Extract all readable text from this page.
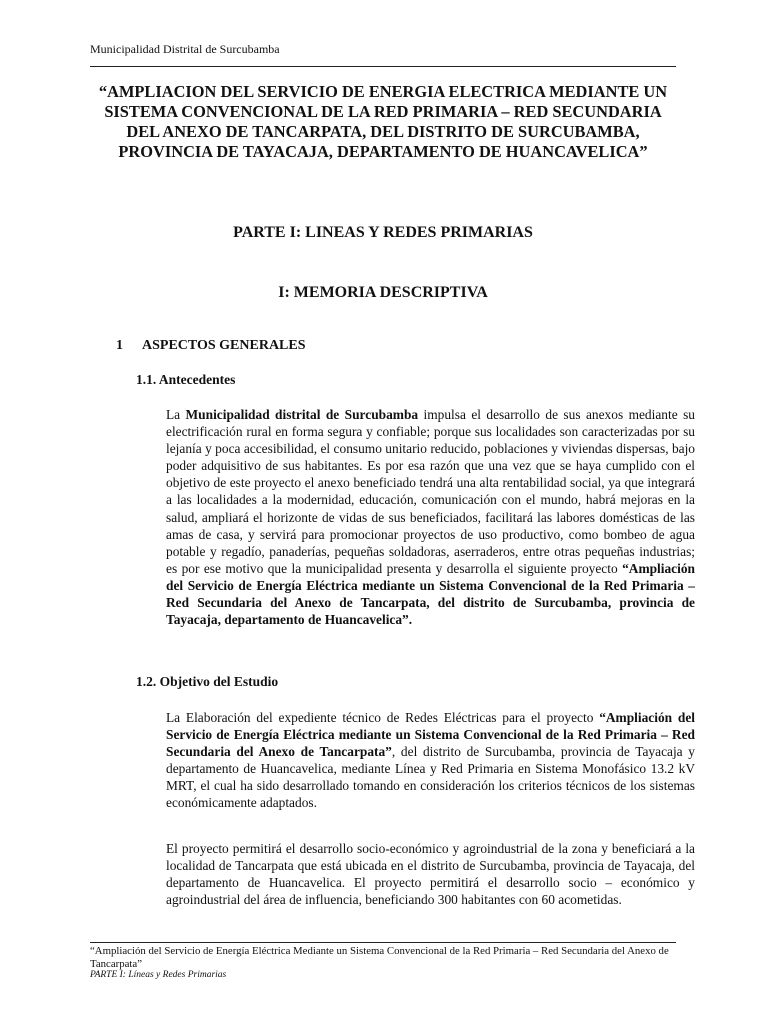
Municipalidad Distrital de Surcubamba
“AMPLIACION DEL SERVICIO DE ENERGIA ELECTRICA MEDIANTE UN SISTEMA CONVENCIONAL DE LA RED PRIMARIA – RED SECUNDARIA DEL ANEXO DE TANCARPATA, DEL DISTRITO DE SURCUBAMBA, PROVINCIA DE TAYACAJA, DEPARTAMENTO DE HUANCAVELICA”
PARTE I: LINEAS Y REDES PRIMARIAS
I: MEMORIA DESCRIPTIVA
1 ASPECTOS GENERALES
1.1. Antecedentes

La Municipalidad distrital de Surcubamba impulsa el desarrollo de sus anexos mediante su electrificación rural en forma segura y confiable; porque sus localidades son caracterizadas por su lejanía y poca accesibilidad, el consumo unitario reducido, poblaciones y viviendas dispersas, bajo poder adquisitivo de sus habitantes. Es por esa razón que una vez que se haya cumplido con el objetivo de este proyecto el anexo beneficiado tendrá una alta rentabilidad social, ya que integrará a las localidades a la modernidad, educación, comunicación con el mundo, habrá mejoras en la salud, ampliará el horizonte de vidas de sus beneficiados, facilitará las labores domésticas de las amas de casa, y servirá para promocionar proyectos de uso productivo, como bombeo de agua potable y regadío, panaderías, pequeñas soldadoras, aserraderos, entre otras pequeñas industrias; es por ese motivo que la municipalidad presenta y desarrolla el siguiente proyecto “Ampliación del Servicio de Energía Eléctrica mediante un Sistema Convencional de la Red Primaria – Red Secundaria del Anexo de Tancarpata, del distrito de Surcubamba, provincia de Tayacaja, departamento de Huancavelica”.

1.2. Objetivo del Estudio

La Elaboración del expediente técnico de Redes Eléctricas para el proyecto “Ampliación del Servicio de Energía Eléctrica mediante un Sistema Convencional de la Red Primaria – Red Secundaria del Anexo de Tancarpata”, del distrito de Surcubamba, provincia de Tayacaja y departamento de Huancavelica, mediante Línea y Red Primaria en Sistema Monofásico 13.2 kV MRT, el cual ha sido desarrollado tomando en consideración los criterios técnicos de los sistemas económicamente adaptados.

El proyecto permitirá el desarrollo socio-económico y agroindustrial de la zona y beneficiará a la localidad de Tancarpata que está ubicada en el distrito de Surcubamba, provincia de Tayacaja, del departamento de Huancavelica. El proyecto permitirá el desarrollo socio – económico y agroindustrial del área de influencia, beneficiando 300 habitantes con 60 acometidas.

“Ampliación del Servicio de Energía Eléctrica Mediante un Sistema Convencional de la Red Primaria – Red Secundaria del Anexo de Tancarpata”
PARTE I: Líneas y Redes Primarias
